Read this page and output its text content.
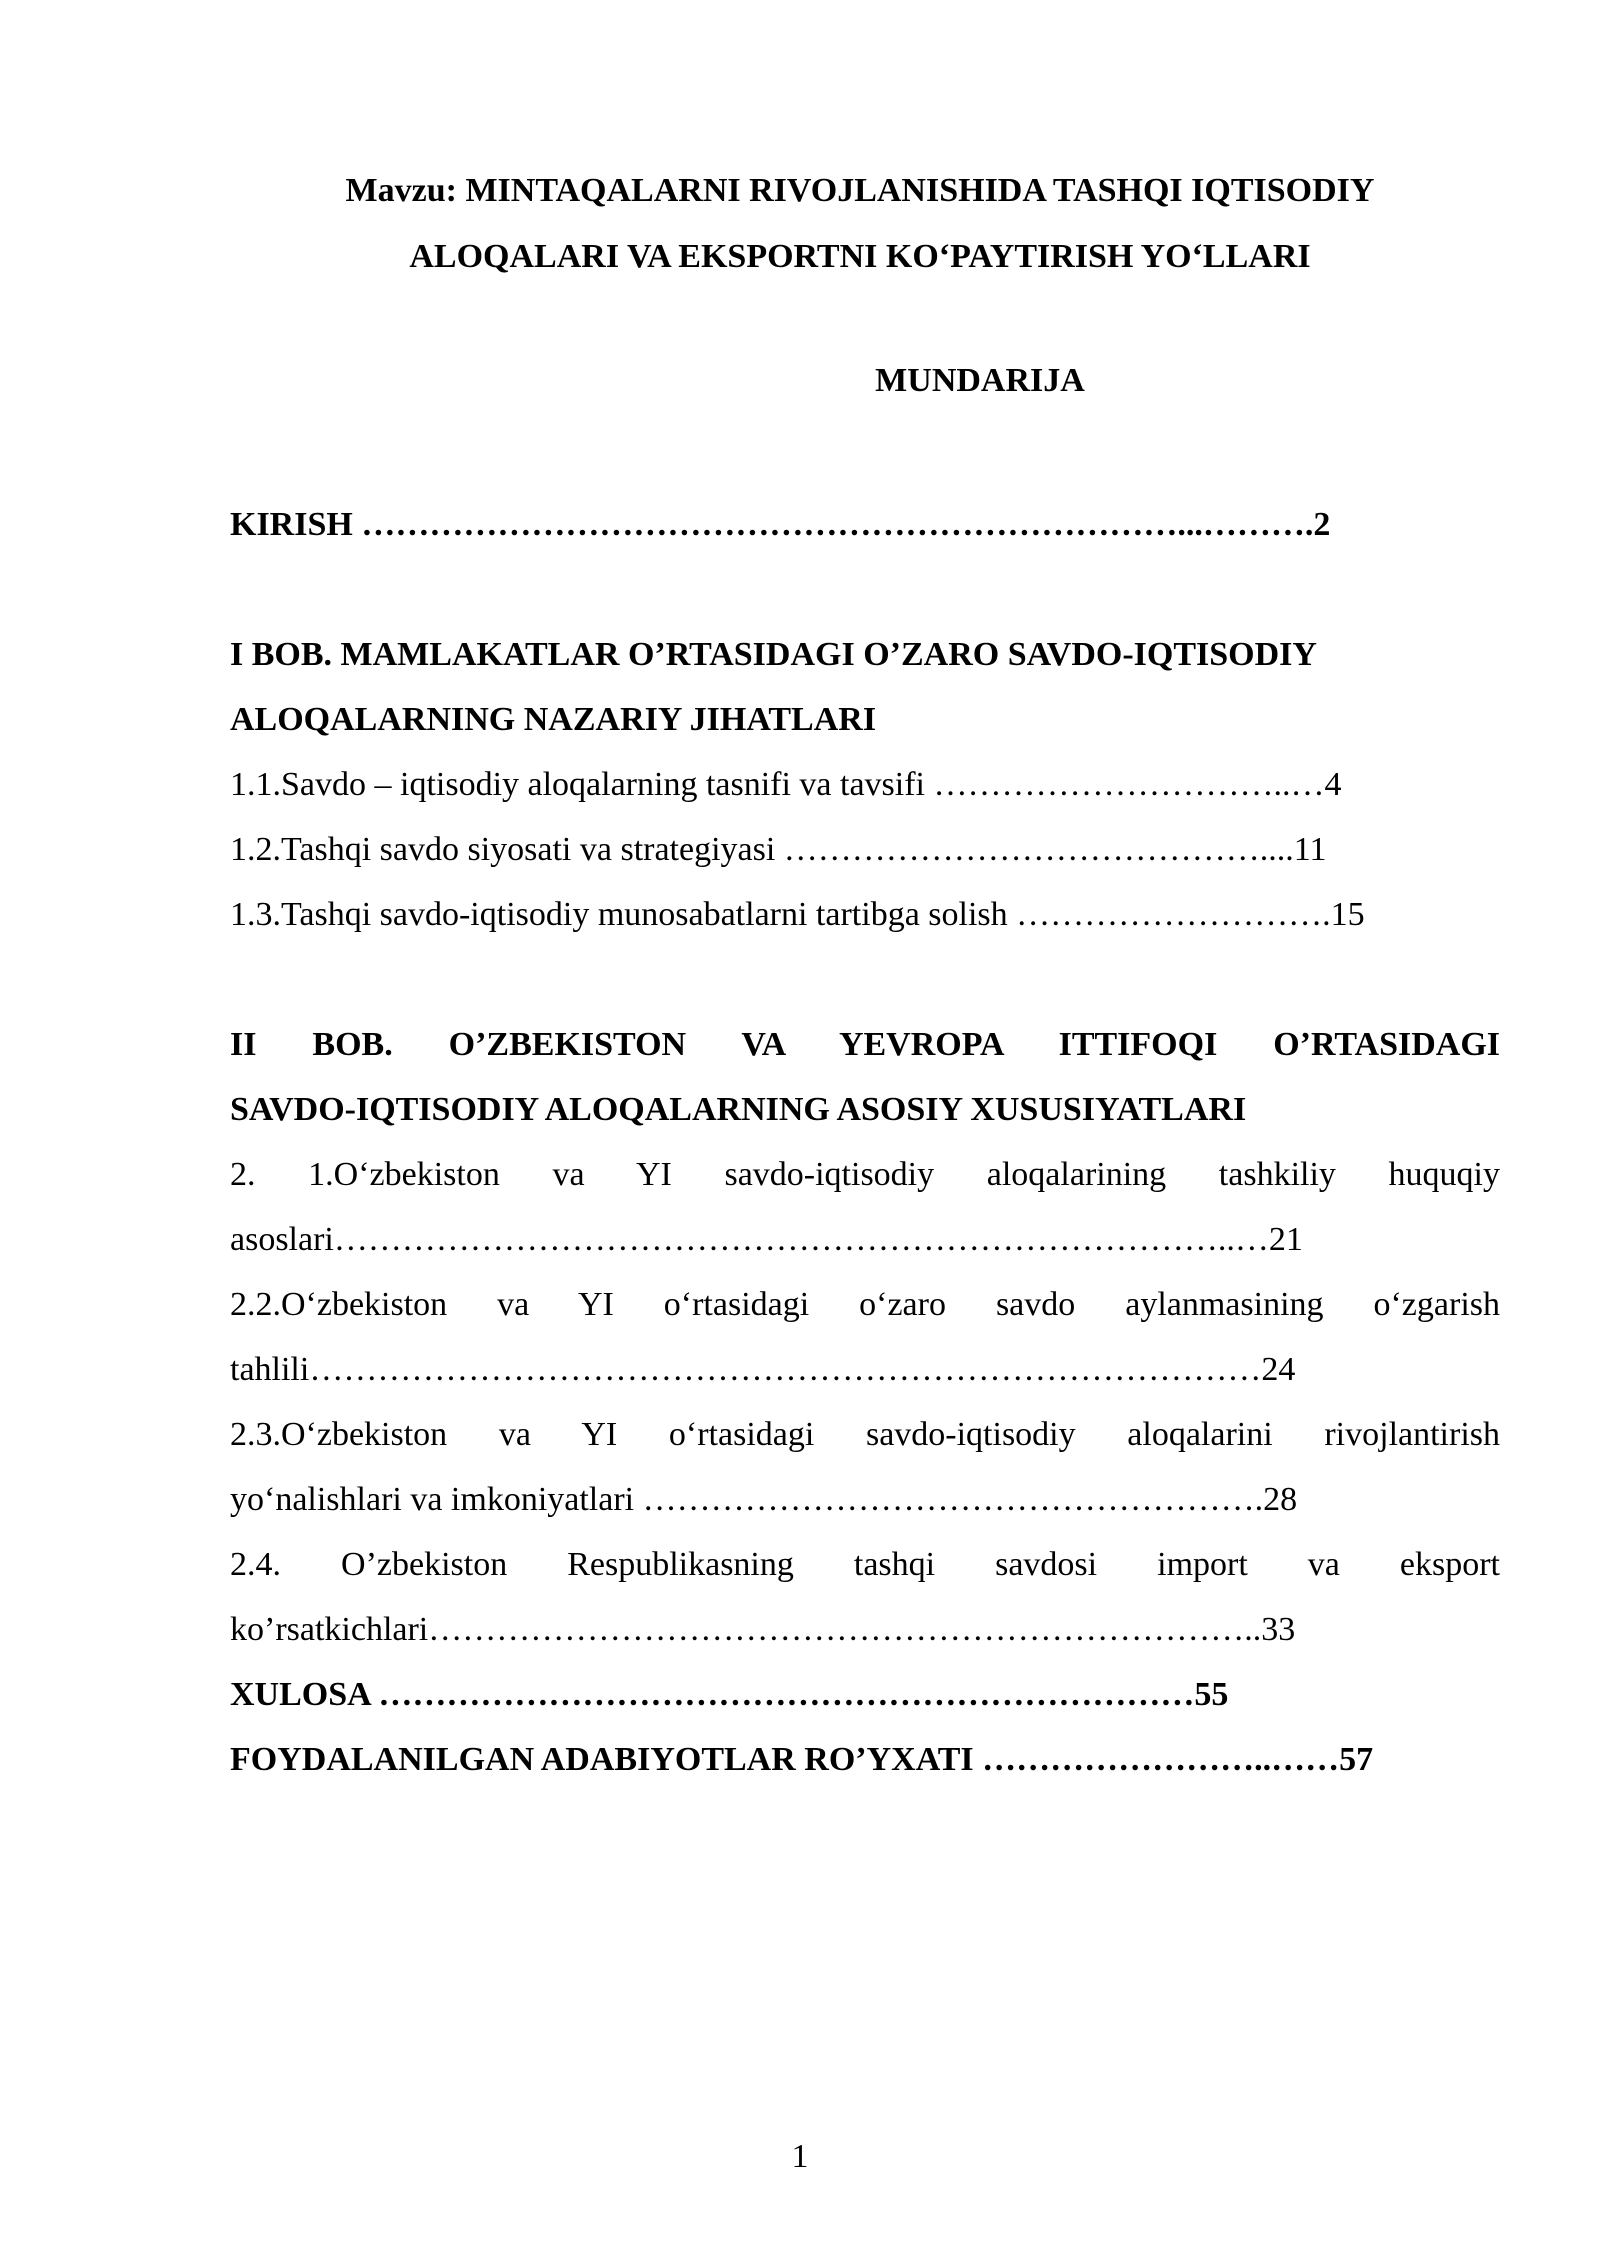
Mavzu: MINTAQALARNI RIVOJLANISHIDA TASHQI IQTISODIY
ALOQALARI VA EKSPORTNI KO‘PAYTIRISH YO‘LLARI
MUNDARIJA
KIRISH ………………………………………………………………...……….2
I BOB. MAMLAKATLAR O’RTASIDAGI O’ZARO SAVDO-IQTISODIY
ALOQALARNING NAZARIY JIHATLARI
1.1.Savdo – iqtisodiy aloqalarning tasnifi va tavsifi …………………………..…4
1.2.Tashqi savdo siyosati va strategiyasi ……………………………………....11
1.3.Tashqi savdo-iqtisodiy munosabatlarni tartibga solish ……………………….15
II BOB. O’ZBEKISTON VA YEVROPA ITTIFOQI O’RTASIDAGI
SAVDO-IQTISODIY ALOQALARNING ASOSIY XUSUSIYATLARI
2. 1.O‘zbekiston va YI savdo-iqtisodiy aloqalarining tashkiliy huquqiy
asoslari……………………………………………………………………..…21
2.2.O‘zbekiston va YI o‘rtasidagi o‘zaro savdo aylanmasining o‘zgarish
tahlili…………………………………………………………………………24
2.3.O‘zbekiston va YI o‘rtasidagi savdo-iqtisodiy aloqalarini rivojlantirish
yo‘nalishlari va imkoniyatlari ……………………………………………….28
2.4. O’zbekiston Respublikasning tashqi savdosi import va eksport
ko’rsatkichlari………………………………………………………………..33
XULOSA ………………………………………………………………55
FOYDALANILGAN ADABIYOTLAR RO’YXATI ……………………..……57
1
